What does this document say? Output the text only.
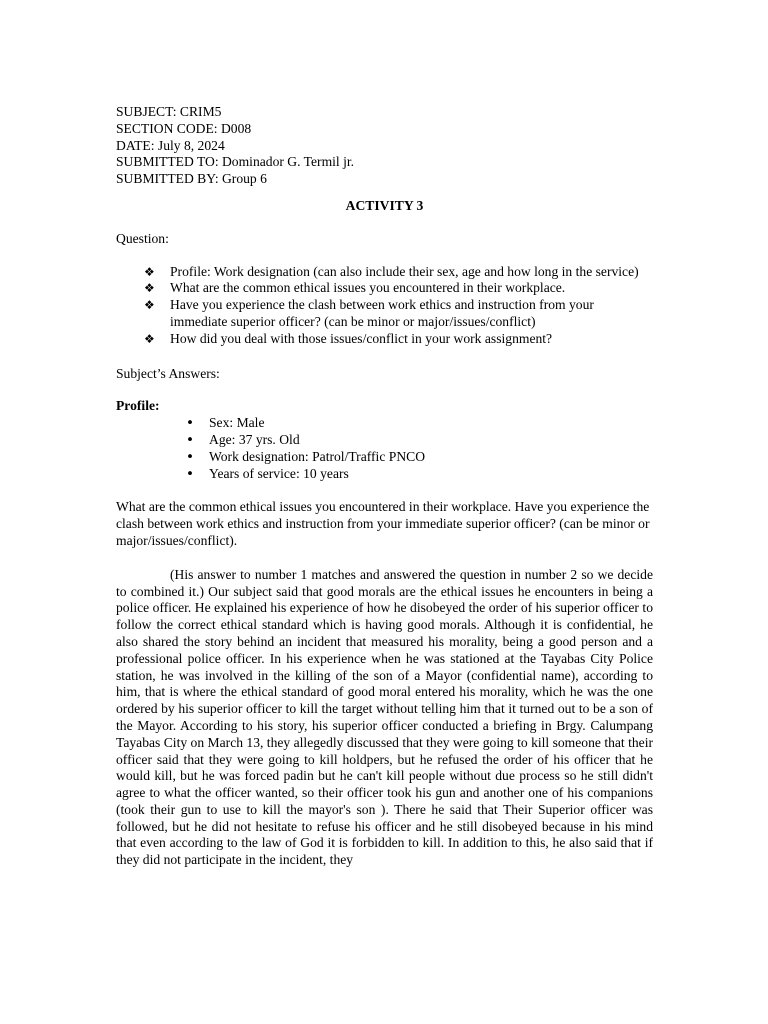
SUBJECT: CRIM5
SECTION CODE: D008
DATE: July 8, 2024
SUBMITTED TO: Dominador G. Termil jr.
SUBMITTED BY: Group 6
ACTIVITY 3
Question:
❖ Profile: Work designation (can also include their sex, age and how long in the service)
❖ What are the common ethical issues you encountered in their workplace.
❖ Have you experience the clash between work ethics and instruction from your immediate superior officer? (can be minor or major/issues/conflict)
❖ How did you deal with those issues/conflict in your work assignment?
Subject’s Answers:
Profile:
• Sex: Male
• Age: 37 yrs. Old
• Work designation: Patrol/Traffic PNCO
• Years of service: 10 years

What are the common ethical issues you encountered in their workplace. Have you experience the clash between work ethics and instruction from your immediate superior officer? (can be minor or major/issues/conflict).

(His answer to number 1 matches and answered the question in number 2 so we decide to combined it.) Our subject said that good morals are the ethical issues he encounters in being a police officer. He explained his experience of how he disobeyed the order of his superior officer to follow the correct ethical standard which is having good morals. Although it is confidential, he also shared the story behind an incident that measured his morality, being a good person and a professional police officer. In his experience when he was stationed at the Tayabas City Police station, he was involved in the killing of the son of a Mayor (confidential name), according to him, that is where the ethical standard of good moral entered his morality, which he was the one ordered by his superior officer to kill the target without telling him that it turned out to be a son of the Mayor. According to his story, his superior officer conducted a briefing in Brgy. Calumpang Tayabas City on March 13, they allegedly discussed that they were going to kill someone that their officer said that they were going to kill holdpers, but he refused the order of his officer that he would kill, but he was forced padin but he can't kill people without due process so he still didn't agree to what the officer wanted, so their officer took his gun and another one of his companions (took their gun to use to kill the mayor's son ). There he said that Their Superior officer was followed, but he did not hesitate to refuse his officer and he still disobeyed because in his mind that even according to the law of God it is forbidden to kill. In addition to this, he also said that if they did not participate in the incident, they
